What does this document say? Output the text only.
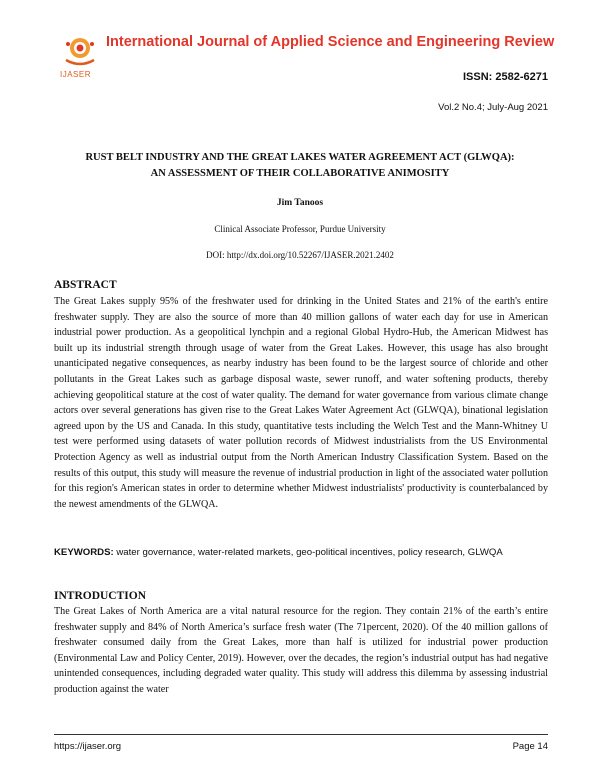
IJASER
International Journal of Applied Science and Engineering Review
ISSN: 2582-6271
Vol.2 No.4; July-Aug 2021
RUST BELT INDUSTRY AND THE GREAT LAKES WATER AGREEMENT ACT (GLWQA):
AN ASSESSMENT OF THEIR COLLABORATIVE ANIMOSITY
Jim Tanoos
Clinical Associate Professor, Purdue University
DOI: http://dx.doi.org/10.52267/IJASER.2021.2402
ABSTRACT
The Great Lakes supply 95% of the freshwater used for drinking in the United States and 21% of the earth's entire freshwater supply. They are also the source of more than 40 million gallons of water each day for use in American industrial power production. As a geopolitical lynchpin and a regional Global Hydro-Hub, the American Midwest has built up its industrial strength through usage of water from the Great Lakes. However, this usage has also brought unanticipated negative consequences, as nearby industry has been found to be the largest source of chloride and other pollutants in the Great Lakes such as garbage disposal waste, sewer runoff, and water softening products, thereby achieving geopolitical stature at the cost of water quality. The demand for water governance from various climate change actors over several generations has given rise to the Great Lakes Water Agreement Act (GLWQA), binational legislation agreed upon by the US and Canada. In this study, quantitative tests including the Welch Test and the Mann-Whitney U test were performed using datasets of water pollution records of Midwest industrialists from the US Environmental Protection Agency as well as industrial output from the North American Industry Classification System. Based on the results of this output, this study will measure the revenue of industrial production in light of the associated water pollution for this region's American states in order to determine whether Midwest industrialists' productivity is counterbalanced by the newest amendments of the GLWQA.
KEYWORDS: water governance, water-related markets, geo-political incentives, policy research, GLWQA
INTRODUCTION
The Great Lakes of North America are a vital natural resource for the region. They contain 21% of the earth’s entire freshwater supply and 84% of North America’s surface fresh water (The 71percent, 2020). Of the 40 million gallons of freshwater consumed daily from the Great Lakes, more than half is utilized for industrial power production (Environmental Law and Policy Center, 2019). However, over the decades, the region’s industrial output has had negative unintended consequences, including degraded water quality. This study will address this dilemma by assessing industrial production against the water
https://ijaser.org	Page 14
